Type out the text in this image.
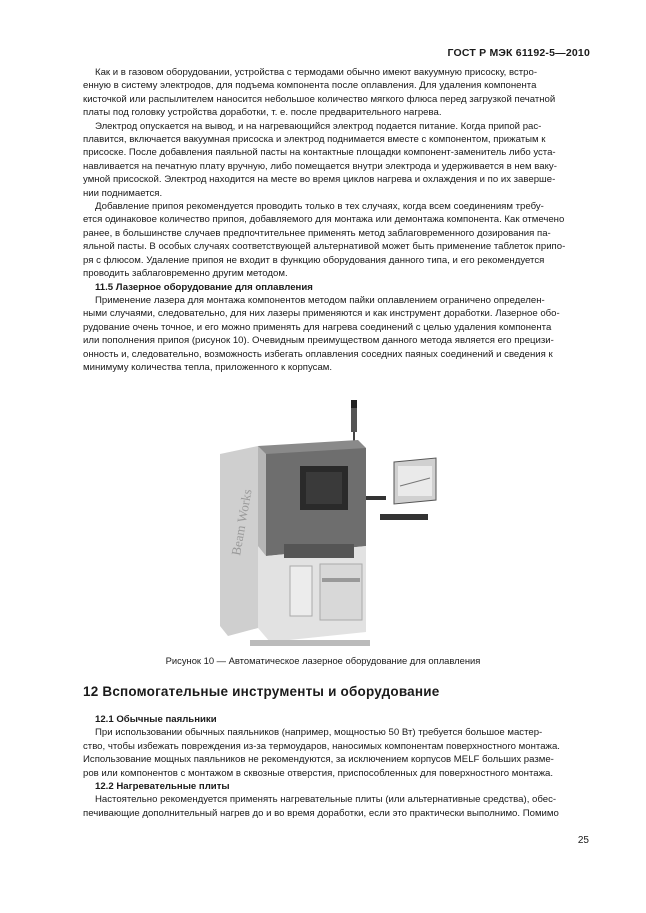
ГОСТ Р МЭК 61192-5—2010
Как и в газовом оборудовании, устройства с термодами обычно имеют вакуумную присоску, встро-
енную в систему электродов, для подъема компонента после оплавления. Для удаления компонента
кисточкой или распылителем наносится небольшое количество мягкого флюса перед загрузкой печатной
платы под головку устройства доработки, т. е. после предварительного нагрева.
Электрод опускается на вывод, и на нагревающийся электрод подается питание. Когда припой рас-
плавится, включается вакуумная присоска и электрод поднимается вместе с компонентом, прижатым к
присоске. После добавления паяльной пасты на контактные площадки компонент-заменитель либо уста-
навливается на печатную плату вручную, либо помещается внутри электрода и удерживается в нем ваку-
умной присоской. Электрод находится на месте во время циклов нагрева и охлаждения и по их заверше-
нии поднимается.
Добавление припоя рекомендуется проводить только в тех случаях, когда всем соединениям требу-
ется одинаковое количество припоя, добавляемого для монтажа или демонтажа компонента. Как отмечено
ранее, в большинстве случаев предпочтительнее применять метод заблаговременного дозирования па-
яльной пасты. В особых случаях соответствующей альтернативой может быть применение таблеток припо-
ря с флюсом. Удаление припоя не входит в функцию оборудования данного типа, и его рекомендуется
проводить заблаговременно другим методом.
11.5 Лазерное оборудование для оплавления
Применение лазера для монтажа компонентов методом пайки оплавлением ограничено определен-
ными случаями, следовательно, для них лазеры применяются и как инструмент доработки. Лазерное обо-
рудование очень точное, и его можно применять для нагрева соединений с целью удаления компонента
или пополнения припоя (рисунок 10). Очевидным преимуществом данного метода является его прецизи-
онность и, следовательно, возможность избегать оплавления соседних паяных соединений и сведения к
минимуму количества тепла, приложенного к корпусам.
Beam Works
Рисунок 10 — Автоматическое лазерное оборудование для оплавления
12 Вспомогательные инструменты и оборудование
12.1 Обычные паяльники
При использовании обычных паяльников (например, мощностью 50 Вт) требуется большое мастер-
ство, чтобы избежать повреждения из-за термоударов, наносимых компонентам поверхностного монтажа.
Использование мощных паяльников не рекомендуются, за исключением корпусов MELF больших разме-
ров или компонентов с монтажом в сквозные отверстия, приспособленных для поверхностного монтажа.
12.2 Нагревательные плиты
Настоятельно рекомендуется применять нагревательные плиты (или альтернативные средства), обес-
печивающие дополнительный нагрев до и во время доработки, если это практически выполнимо. Помимо
25
